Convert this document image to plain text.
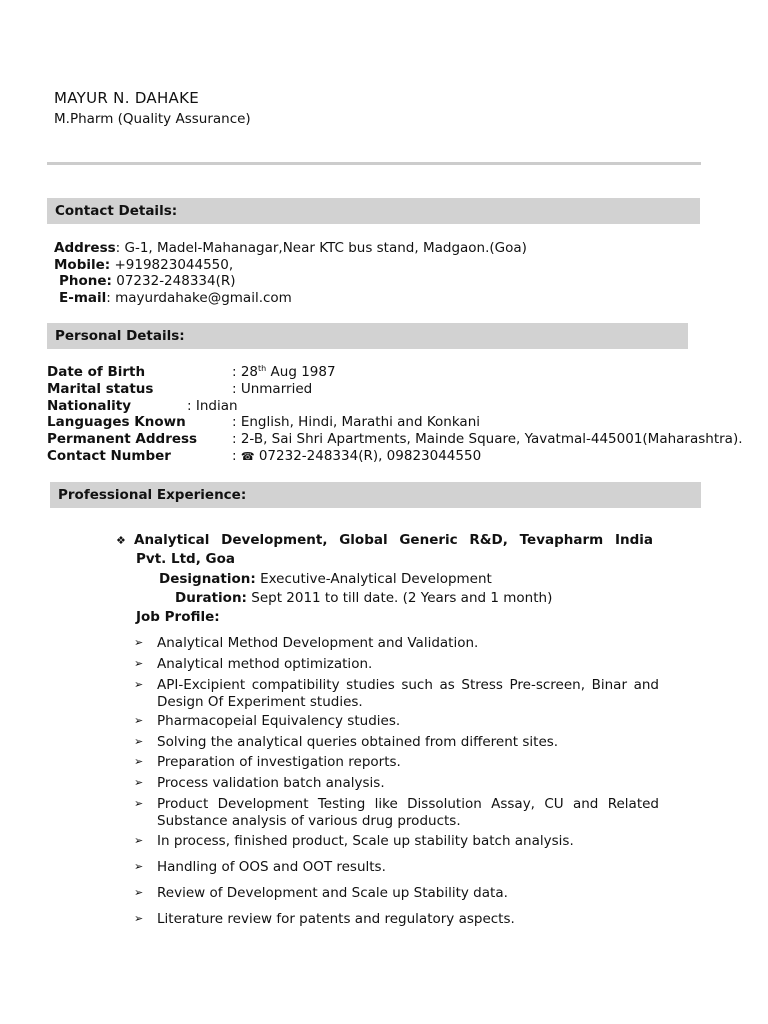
MAYUR N. DAHAKE
M.Pharm (Quality Assurance)
Contact Details:
Address: G-1, Madel-Mahanagar,Near KTC bus stand, Madgaon.(Goa)
Mobile: +919823044550,
Phone: 07232-248334(R)
E-mail: mayurdahake@gmail.com
Personal Details:
Date of Birth	: 28th Aug 1987
Marital status	: Unmarried
Nationality	: Indian
Languages Known	: English, Hindi, Marathi and Konkani
Permanent Address	: 2-B, Sai Shri Apartments, Mainde Square, Yavatmal-445001(Maharashtra).
Contact Number	: ☎ 07232-248334(R), 09823044550
Professional Experience:
❖ Analytical Development, Global Generic R&D, Tevapharm India
Pvt. Ltd, Goa
Designation: Executive-Analytical Development
Duration: Sept 2011 to till date. (2 Years and 1 month)
Job Profile:
➢ Analytical Method Development and Validation.
➢ Analytical method optimization.
➢ API-Excipient compatibility studies such as Stress Pre-screen, Binar and Design Of Experiment studies.
➢ Pharmacopeial Equivalency studies.
➢ Solving the analytical queries obtained from different sites.
➢ Preparation of investigation reports.
➢ Process validation batch analysis.
➢ Product Development Testing like Dissolution Assay, CU and Related Substance analysis of various drug products.
➢ In process, finished product, Scale up stability batch analysis.
➢ Handling of OOS and OOT results.
➢ Review of Development and Scale up Stability data.
➢ Literature review for patents and regulatory aspects.
